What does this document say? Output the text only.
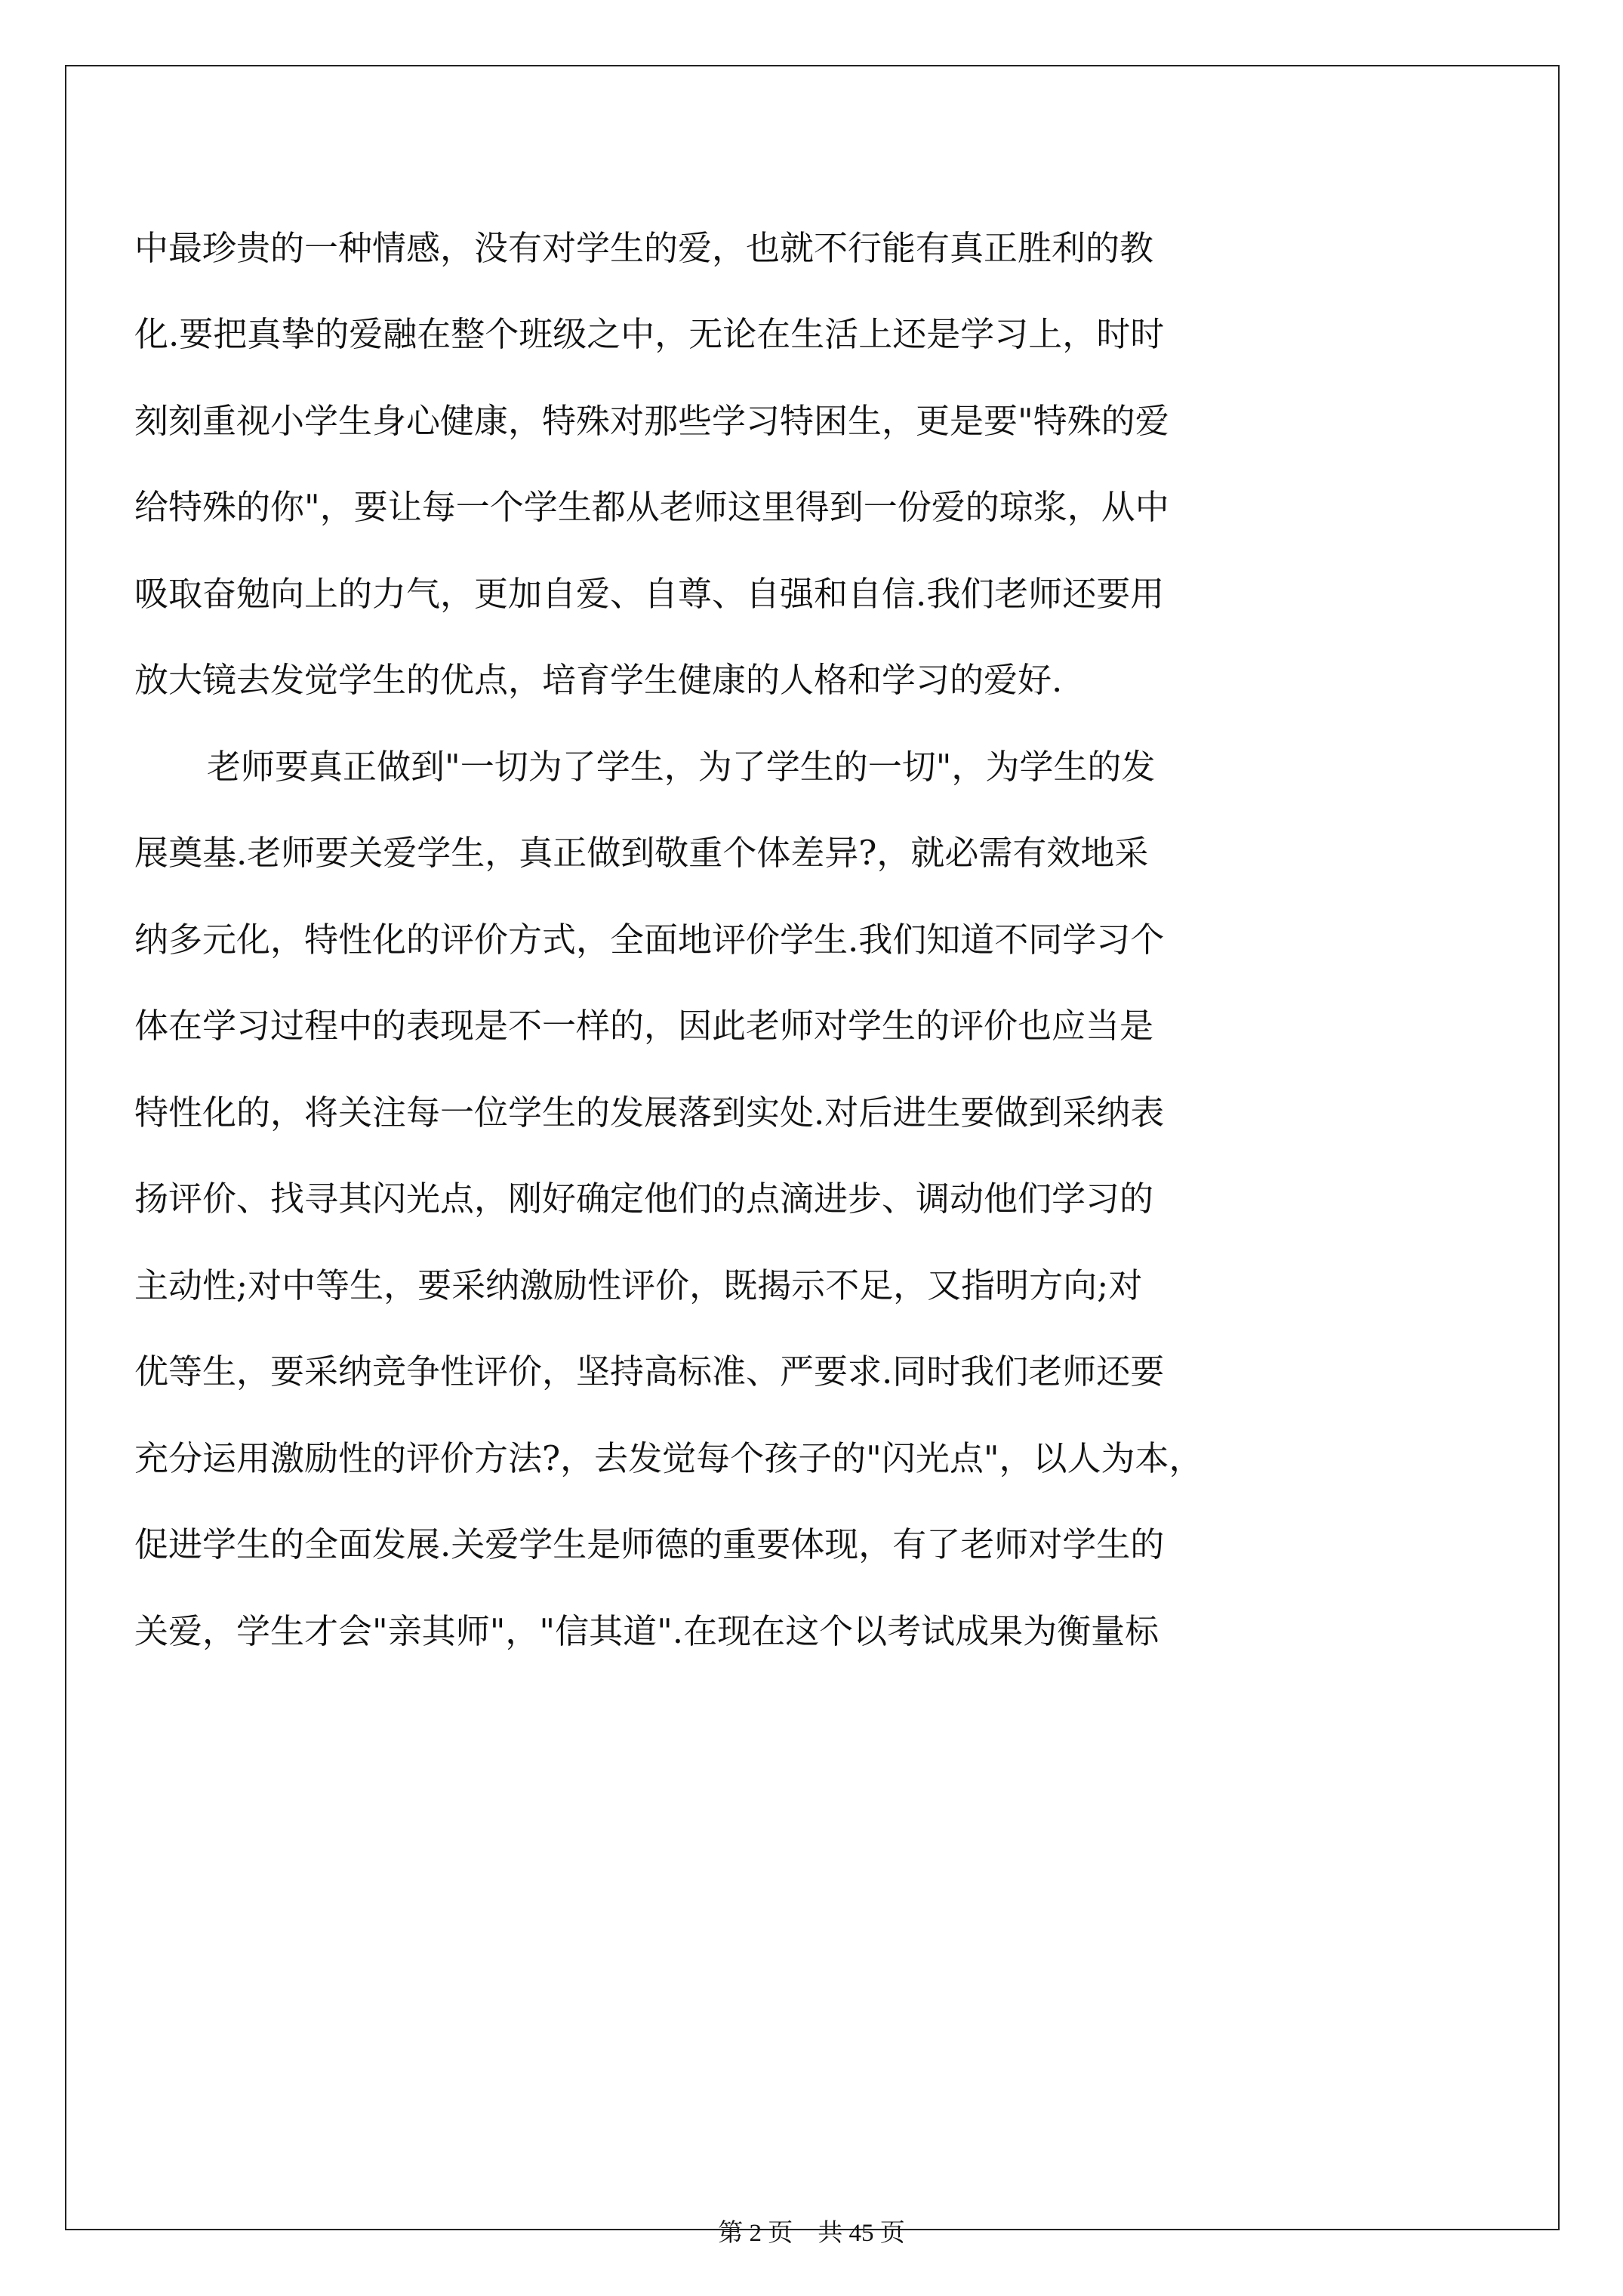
中最珍贵的一种情感，没有对学生的爱，也就不行能有真正胜利的教
化.要把真挚的爱融在整个班级之中，无论在生活上还是学习上，时时
刻刻重视小学生身心健康，特殊对那些学习特困生，更是要"特殊的爱
给特殊的你"，要让每一个学生都从老师这里得到一份爱的琼浆，从中
吸取奋勉向上的力气，更加自爱、自尊、自强和自信.我们老师还要用
放大镜去发觉学生的优点，培育学生健康的人格和学习的爱好.
老师要真正做到"一切为了学生，为了学生的一切"，为学生的发
展奠基.老师要关爱学生，真正做到敬重个体差异?，就必需有效地采
纳多元化，特性化的评价方式，全面地评价学生.我们知道不同学习个
体在学习过程中的表现是不一样的，因此老师对学生的评价也应当是
特性化的，将关注每一位学生的发展落到实处.对后进生要做到采纳表
扬评价、找寻其闪光点，刚好确定他们的点滴进步、调动他们学习的
主动性;对中等生，要采纳激励性评价，既揭示不足，又指明方向;对
优等生，要采纳竞争性评价，坚持高标准、严要求.同时我们老师还要
充分运用激励性的评价方法?，去发觉每个孩子的"闪光点"，以人为本，
促进学生的全面发展.关爱学生是师德的重要体现，有了老师对学生的
关爱，学生才会"亲其师"，"信其道".在现在这个以考试成果为衡量标
第 2 页　共 45 页
